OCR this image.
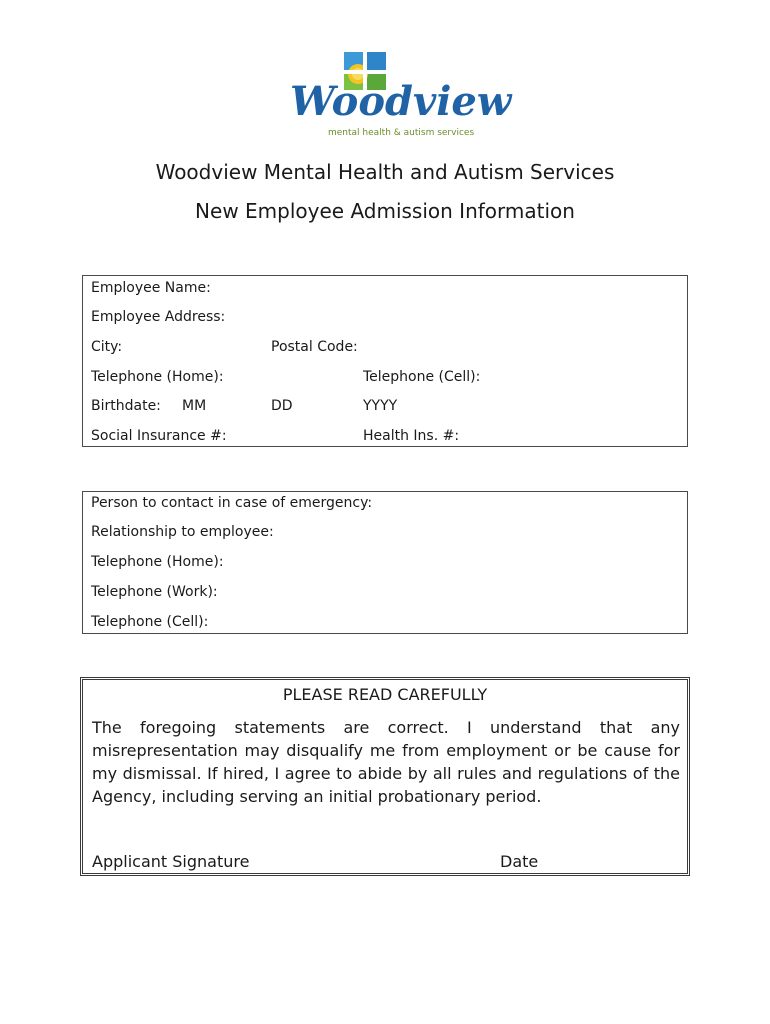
Woodview
mental health & autism services
Woodview Mental Health and Autism Services
New Employee Admission Information
Employee Name:
Employee Address:
City:	Postal Code:
Telephone (Home):	Telephone (Cell):
Birthdate: MM	DD	YYYY
Social Insurance #:	Health Ins. #:
Person to contact in case of emergency:
Relationship to employee:
Telephone (Home):
Telephone (Work):
Telephone (Cell):
PLEASE READ CAREFULLY
The foregoing statements are correct. I understand that any misrepresentation may disqualify me from employment or be cause for my dismissal. If hired, I agree to abide by all rules and regulations of the Agency, including serving an initial probationary period.
Applicant Signature	Date
